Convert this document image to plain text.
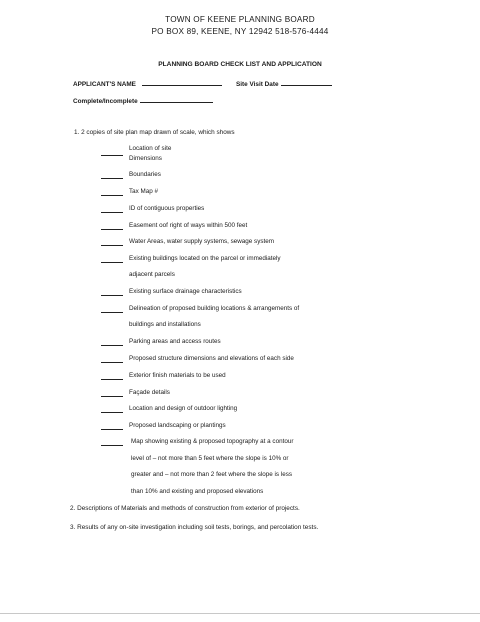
TOWN OF KEENE PLANNING BOARD
PO BOX 89, KEENE, NY 12942 518-576-4444
PLANNING BOARD CHECK LIST AND APPLICATION
APPLICANT'S NAME	Site Visit Date
Complete/Incomplete
1. 2 copies of site plan map drawn of scale, which shows
Location of site
Dimensions
Boundaries
Tax Map #
ID of contiguous properties
Easement oof right of ways within 500 feet
Water Areas, water supply systems, sewage system
Existing buildings located on the parcel or immediately
adjacent parcels
Existing surface drainage characteristics
Delineation of proposed building locations & arrangements of
buildings and installations
Parking areas and access routes
Proposed structure dimensions and elevations of each side
Exterior finish materials to be used
Façade details
Location and design of outdoor lighting
Proposed landscaping or plantings
Map showing existing & proposed topography at a contour
level of – not more than 5 feet where the slope is 10% or
greater and – not more than 2 feet where the slope is less
than 10% and existing and proposed elevations
2. Descriptions of Materials and methods of construction from exterior of projects.
3. Results of any on-site investigation including soil tests, borings, and percolation tests.
